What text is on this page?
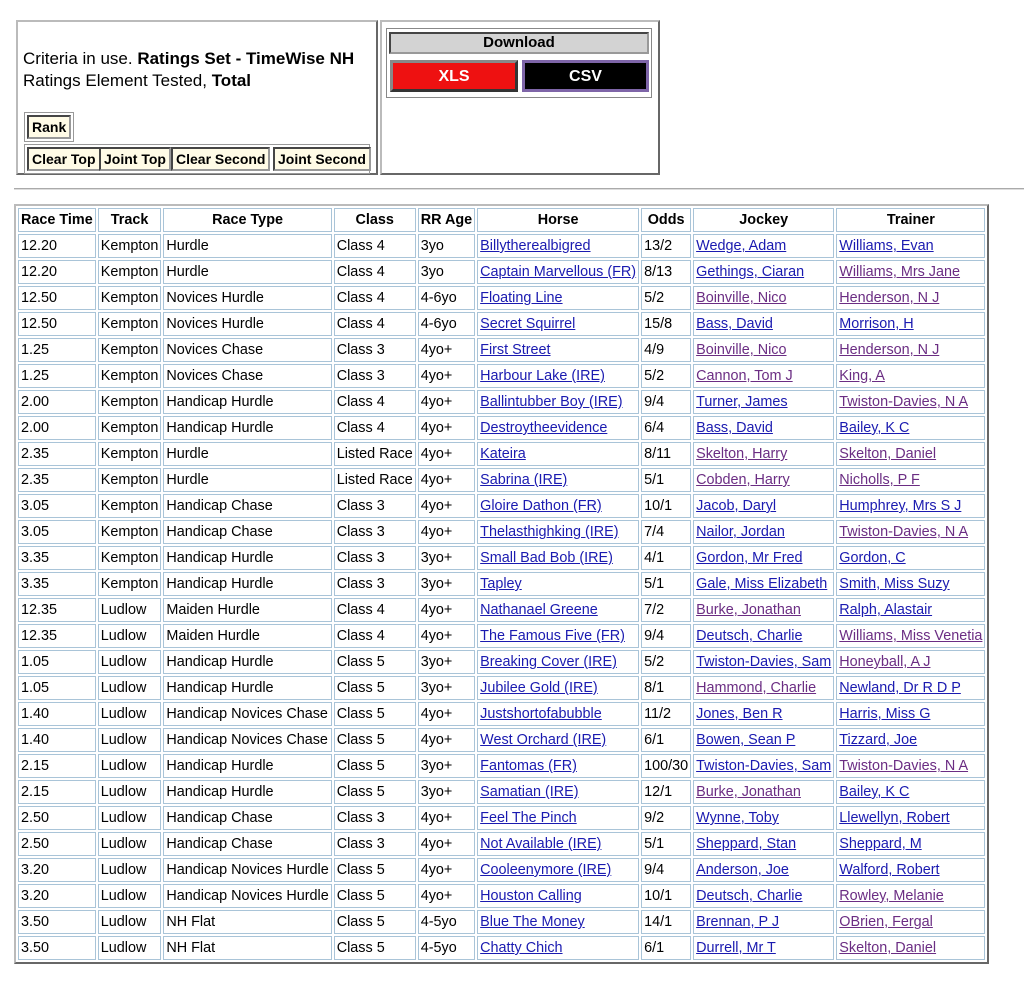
Criteria in use. Ratings Set - TimeWise NH
Ratings Element Tested, Total
Rank
Clear Top Joint Top Clear Second Joint Second
Download
XLS	CSV
Race Time	Track	Race Type	Class	RR Age	Horse	Odds	Jockey	Trainer
12.20	Kempton	Hurdle	Class 4	3yo	Billytherealbigred	13/2	Wedge, Adam	Williams, Evan
12.20	Kempton	Hurdle	Class 4	3yo	Captain Marvellous (FR)	8/13	Gethings, Ciaran	Williams, Mrs Jane
12.50	Kempton	Novices Hurdle	Class 4	4-6yo	Floating Line	5/2	Boinville, Nico	Henderson, N J
12.50	Kempton	Novices Hurdle	Class 4	4-6yo	Secret Squirrel	15/8	Bass, David	Morrison, H
1.25	Kempton	Novices Chase	Class 3	4yo+	First Street	4/9	Boinville, Nico	Henderson, N J
1.25	Kempton	Novices Chase	Class 3	4yo+	Harbour Lake (IRE)	5/2	Cannon, Tom J	King, A
2.00	Kempton	Handicap Hurdle	Class 4	4yo+	Ballintubber Boy (IRE)	9/4	Turner, James	Twiston-Davies, N A
2.00	Kempton	Handicap Hurdle	Class 4	4yo+	Destroytheevidence	6/4	Bass, David	Bailey, K C
2.35	Kempton	Hurdle	Listed Race	4yo+	Kateira	8/11	Skelton, Harry	Skelton, Daniel
2.35	Kempton	Hurdle	Listed Race	4yo+	Sabrina (IRE)	5/1	Cobden, Harry	Nicholls, P F
3.05	Kempton	Handicap Chase	Class 3	4yo+	Gloire Dathon (FR)	10/1	Jacob, Daryl	Humphrey, Mrs S J
3.05	Kempton	Handicap Chase	Class 3	4yo+	Thelasthighking (IRE)	7/4	Nailor, Jordan	Twiston-Davies, N A
3.35	Kempton	Handicap Hurdle	Class 3	3yo+	Small Bad Bob (IRE)	4/1	Gordon, Mr Fred	Gordon, C
3.35	Kempton	Handicap Hurdle	Class 3	3yo+	Tapley	5/1	Gale, Miss Elizabeth	Smith, Miss Suzy
12.35	Ludlow	Maiden Hurdle	Class 4	4yo+	Nathanael Greene	7/2	Burke, Jonathan	Ralph, Alastair
12.35	Ludlow	Maiden Hurdle	Class 4	4yo+	The Famous Five (FR)	9/4	Deutsch, Charlie	Williams, Miss Venetia
1.05	Ludlow	Handicap Hurdle	Class 5	3yo+	Breaking Cover (IRE)	5/2	Twiston-Davies, Sam	Honeyball, A J
1.05	Ludlow	Handicap Hurdle	Class 5	3yo+	Jubilee Gold (IRE)	8/1	Hammond, Charlie	Newland, Dr R D P
1.40	Ludlow	Handicap Novices Chase	Class 5	4yo+	Justshortofabubble	11/2	Jones, Ben R	Harris, Miss G
1.40	Ludlow	Handicap Novices Chase	Class 5	4yo+	West Orchard (IRE)	6/1	Bowen, Sean P	Tizzard, Joe
2.15	Ludlow	Handicap Hurdle	Class 5	3yo+	Fantomas (FR)	100/30	Twiston-Davies, Sam	Twiston-Davies, N A
2.15	Ludlow	Handicap Hurdle	Class 5	3yo+	Samatian (IRE)	12/1	Burke, Jonathan	Bailey, K C
2.50	Ludlow	Handicap Chase	Class 3	4yo+	Feel The Pinch	9/2	Wynne, Toby	Llewellyn, Robert
2.50	Ludlow	Handicap Chase	Class 3	4yo+	Not Available (IRE)	5/1	Sheppard, Stan	Sheppard, M
3.20	Ludlow	Handicap Novices Hurdle	Class 5	4yo+	Cooleenymore (IRE)	9/4	Anderson, Joe	Walford, Robert
3.20	Ludlow	Handicap Novices Hurdle	Class 5	4yo+	Houston Calling	10/1	Deutsch, Charlie	Rowley, Melanie
3.50	Ludlow	NH Flat	Class 5	4-5yo	Blue The Money	14/1	Brennan, P J	OBrien, Fergal
3.50	Ludlow	NH Flat	Class 5	4-5yo	Chatty Chich	6/1	Durrell, Mr T	Skelton, Daniel
